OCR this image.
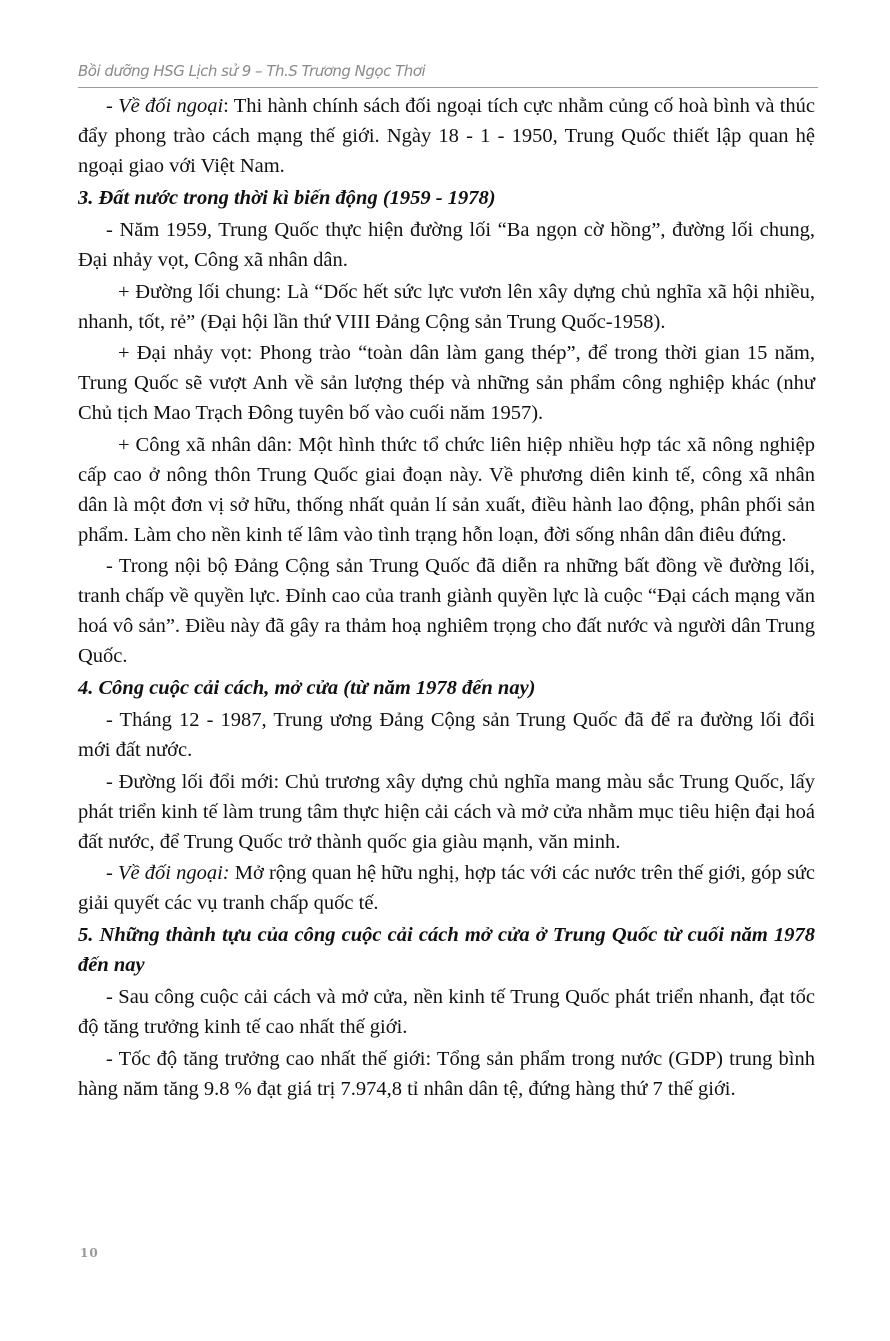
Bồi dưỡng HSG Lịch sử 9 – Th.S Trương Ngọc Thơi

- Về đối ngoại: Thi hành chính sách đối ngoại tích cực nhằm củng cố hoà bình và thúc đẩy phong trào cách mạng thế giới. Ngày 18 - 1 - 1950, Trung Quốc thiết lập quan hệ ngoại giao với Việt Nam.

3. Đất nước trong thời kì biến động (1959 - 1978)

- Năm 1959, Trung Quốc thực hiện đường lối “Ba ngọn cờ hồng”, đường lối chung, Đại nhảy vọt, Công xã nhân dân.

+ Đường lối chung: Là “Dốc hết sức lực vươn lên xây dựng chủ nghĩa xã hội nhiều, nhanh, tốt, rẻ” (Đại hội lần thứ VIII Đảng Cộng sản Trung Quốc-1958).

+ Đại nhảy vọt: Phong trào “toàn dân làm gang thép”, để trong thời gian 15 năm, Trung Quốc sẽ vượt Anh về sản lượng thép và những sản phẩm công nghiệp khác (như Chủ tịch Mao Trạch Đông tuyên bố vào cuối năm 1957).

+ Công xã nhân dân: Một hình thức tổ chức liên hiệp nhiều hợp tác xã nông nghiệp cấp cao ở nông thôn Trung Quốc giai đoạn này. Về phương diên kinh tế, công xã nhân dân là một đơn vị sở hữu, thống nhất quản lí sản xuất, điều hành lao động, phân phối sản phẩm. Làm cho nền kinh tế lâm vào tình trạng hỗn loạn, đời sống nhân dân điêu đứng.

- Trong nội bộ Đảng Cộng sản Trung Quốc đã diễn ra những bất đồng về đường lối, tranh chấp về quyền lực. Đỉnh cao của tranh giành quyền lực là cuộc “Đại cách mạng văn hoá vô sản”. Điều này đã gây ra thảm hoạ nghiêm trọng cho đất nước và người dân Trung Quốc.

4. Công cuộc cải cách, mở cửa (từ năm 1978 đến nay)

- Tháng 12 - 1987, Trung ương Đảng Cộng sản Trung Quốc đã để ra đường lối đổi mới đất nước.

- Đường lối đổi mới: Chủ trương xây dựng chủ nghĩa mang màu sắc Trung Quốc, lấy phát triển kinh tế làm trung tâm thực hiện cải cách và mở cửa nhằm mục tiêu hiện đại hoá đất nước, để Trung Quốc trở thành quốc gia giàu mạnh, văn minh.

- Về đối ngoại: Mở rộng quan hệ hữu nghị, hợp tác với các nước trên thế giới, góp sức giải quyết các vụ tranh chấp quốc tế.

5. Những thành tựu của công cuộc cải cách mở cửa ở Trung Quốc từ cuối năm 1978 đến nay

- Sau công cuộc cải cách và mở cửa, nền kinh tế Trung Quốc phát triển nhanh, đạt tốc độ tăng trưởng kinh tế cao nhất thế giới.

- Tốc độ tăng trưởng cao nhất thế giới: Tổng sản phẩm trong nước (GDP) trung bình hàng năm tăng 9.8 % đạt giá trị 7.974,8 tỉ nhân dân tệ, đứng hàng thứ 7 thế giới.

10
